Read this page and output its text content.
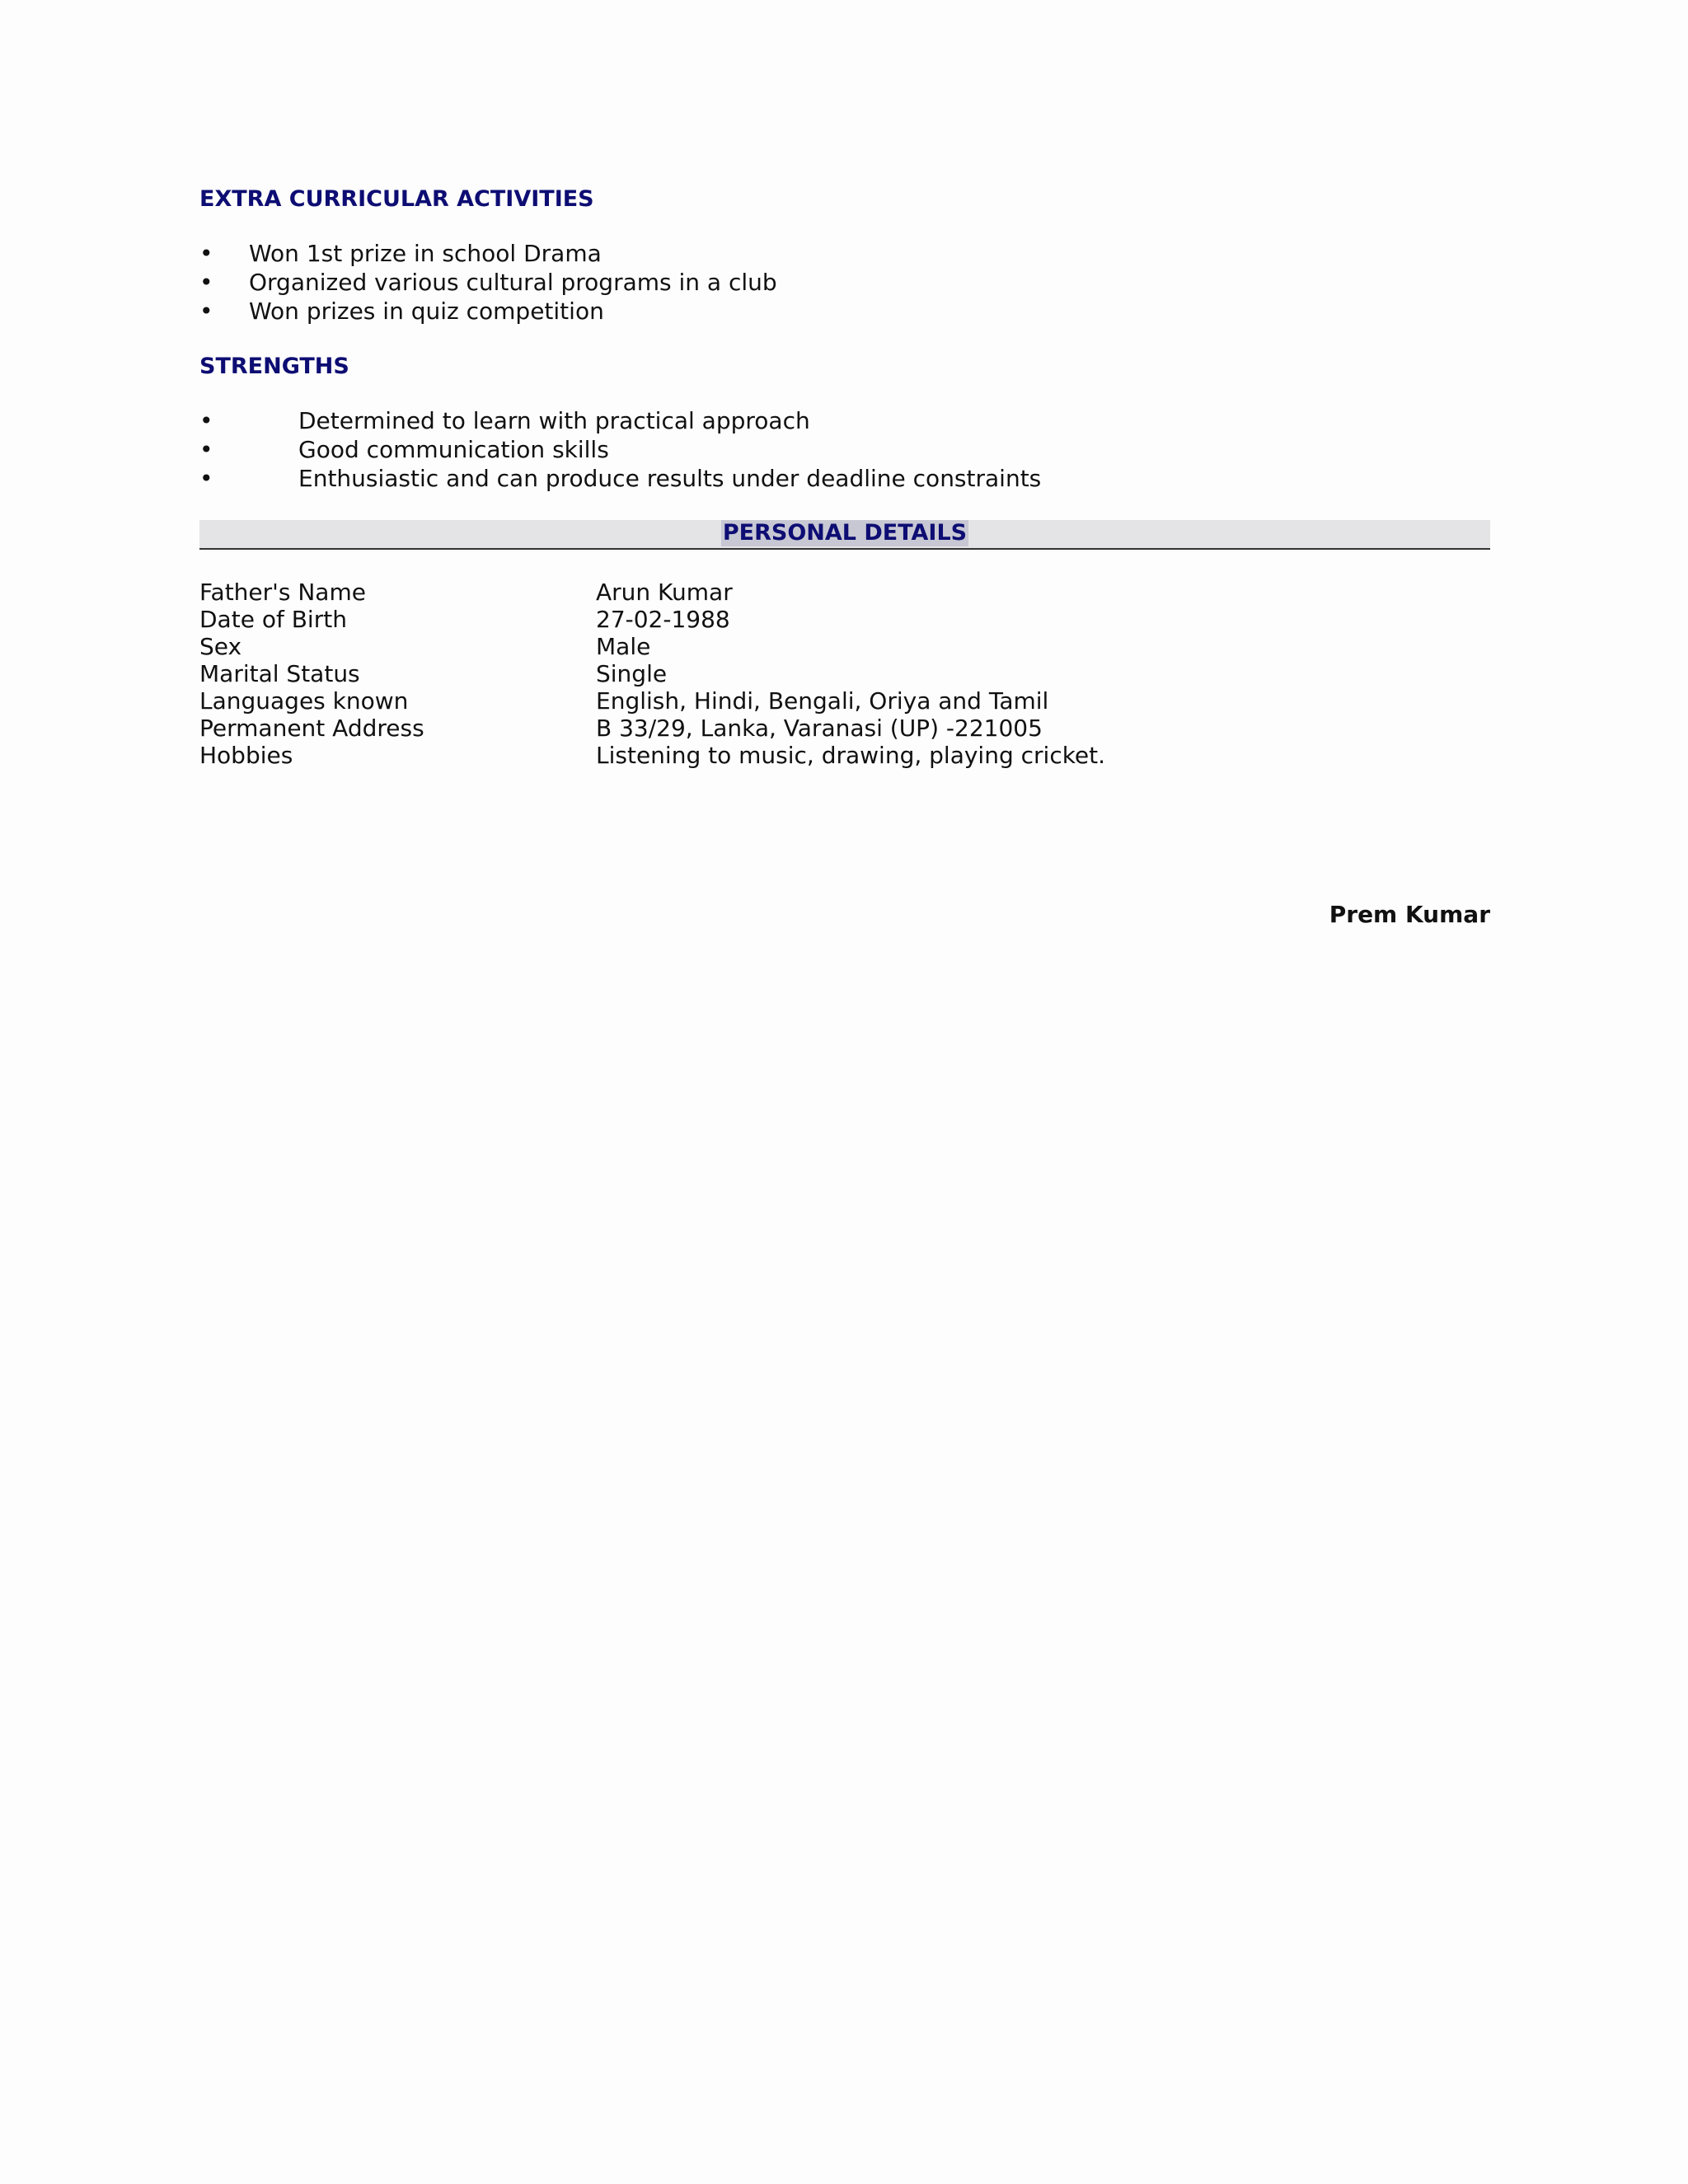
EXTRA CURRICULAR ACTIVITIES
• Won 1st prize in school Drama
• Organized various cultural programs in a club
• Won prizes in quiz competition
STRENGTHS
•	Determined to learn with practical approach
•	Good communication skills
•	Enthusiastic and can produce results under deadline constraints
PERSONAL DETAILS
Father's Name	Arun Kumar
Date of Birth	27-02-1988
Sex	Male
Marital Status	Single
Languages known	English, Hindi, Bengali, Oriya and Tamil
Permanent Address	B 33/29, Lanka, Varanasi (UP) -221005
Hobbies	Listening to music, drawing, playing cricket.
Prem Kumar
